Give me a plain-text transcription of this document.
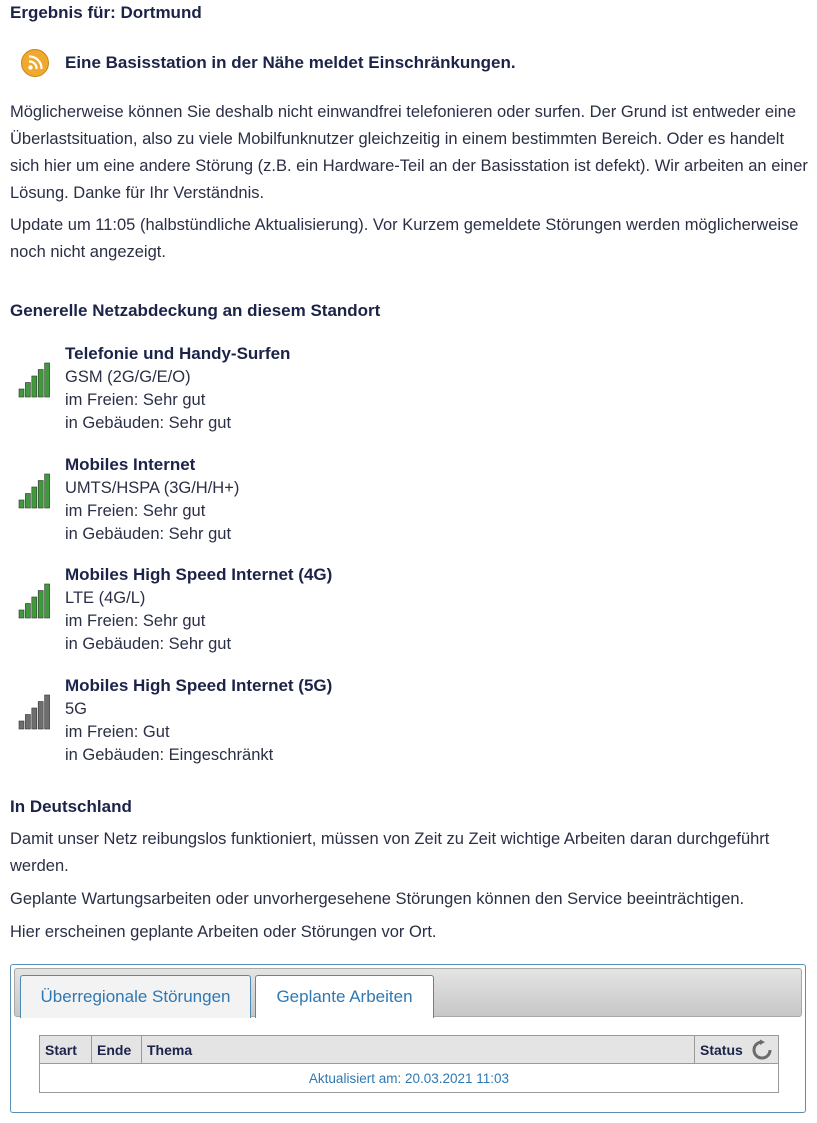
Ergebnis für: Dortmund
Eine Basisstation in der Nähe meldet Einschränkungen.

Möglicherweise können Sie deshalb nicht einwandfrei telefonieren oder surfen. Der Grund ist entweder eine Überlastsituation, also zu viele Mobilfunknutzer gleichzeitig in einem bestimmten Bereich. Oder es handelt sich hier um eine andere Störung (z.B. ein Hardware-Teil an der Basisstation ist defekt). Wir arbeiten an einer Lösung. Danke für Ihr Verständnis.

Update um 11:05 (halbstündliche Aktualisierung). Vor Kurzem gemeldete Störungen werden möglicherweise noch nicht angezeigt.

Generelle Netzabdeckung an diesem Standort
Telefonie und Handy-Surfen
GSM (2G/G/E/O)
im Freien: Sehr gut
in Gebäuden: Sehr gut
Mobiles Internet
UMTS/HSPA (3G/H/H+)
im Freien: Sehr gut
in Gebäuden: Sehr gut
Mobiles High Speed Internet (4G)
LTE (4G/L)
im Freien: Sehr gut
in Gebäuden: Sehr gut
Mobiles High Speed Internet (5G)
5G
im Freien: Gut
in Gebäuden: Eingeschränkt
In Deutschland

Damit unser Netz reibungslos funktioniert, müssen von Zeit zu Zeit wichtige Arbeiten daran durchgeführt werden.

Geplante Wartungsarbeiten oder unvorhergesehene Störungen können den Service beeinträchtigen.

Hier erscheinen geplante Arbeiten oder Störungen vor Ort.

Überregionale Störungen	Geplante Arbeiten
Start	Ende	Thema	Status

Aktualisiert am: 20.03.2021 11:03
